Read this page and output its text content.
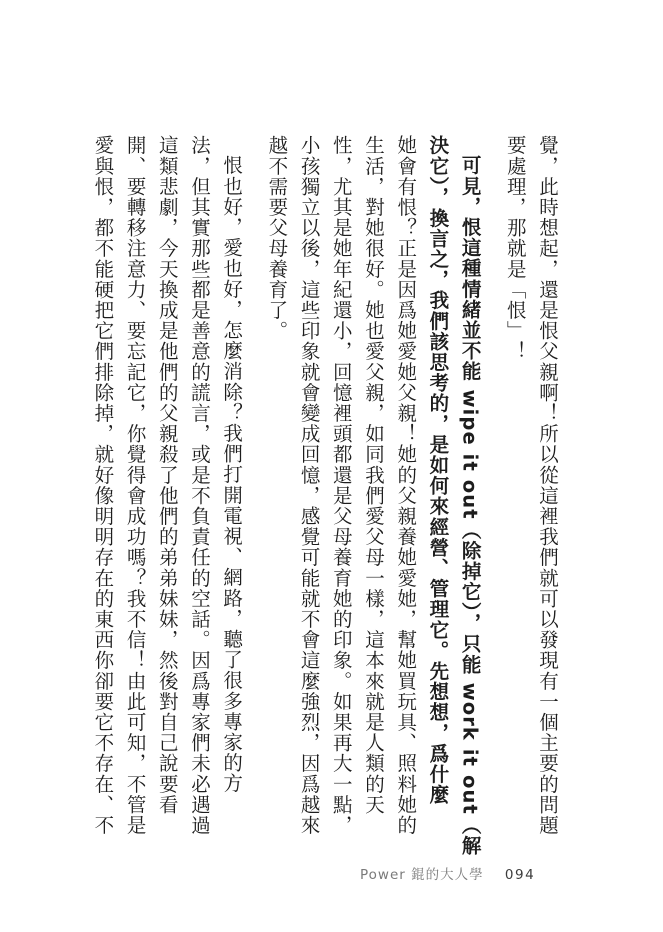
覺，此時想起，還是恨父親啊！所以從這裡我們就可以發現有一個主要的問題
要處理，那就是「恨」！
可見，恨這種情緒並不能 wipe it out（除掉它），只能 work it out（解
決它），換言之，我們該思考的，是如何來經營、管理它。先想想，爲什麼
她會有恨？正是因爲她愛她父親！她的父親養她愛她，幫她買玩具、照料她的
生活，對她很好。她也愛父親，如同我們愛父母一樣，這本來就是人類的天
性，尤其是她年紀還小，回憶裡頭都還是父母養育她的印象。如果再大一點，
小孩獨立以後，這些印象就會變成回憶，感覺可能就不會這麼強烈，因爲越來
越不需要父母養育了。
恨也好，愛也好，怎麼消除？我們打開電視、網路，聽了很多專家的方
法，但其實那些都是善意的謊言，或是不負責任的空話。因爲專家們未必遇過
這類悲劇，今天換成是他們的父親殺了他們的弟弟妹妹，然後對自己說要看
開、要轉移注意力、要忘記它，你覺得會成功嗎？我不信！由此可知，不管是
愛與恨，都不能硬把它們排除掉，就好像明明存在的東西你卻要它不存在、不
Power 錕的大人學 094
